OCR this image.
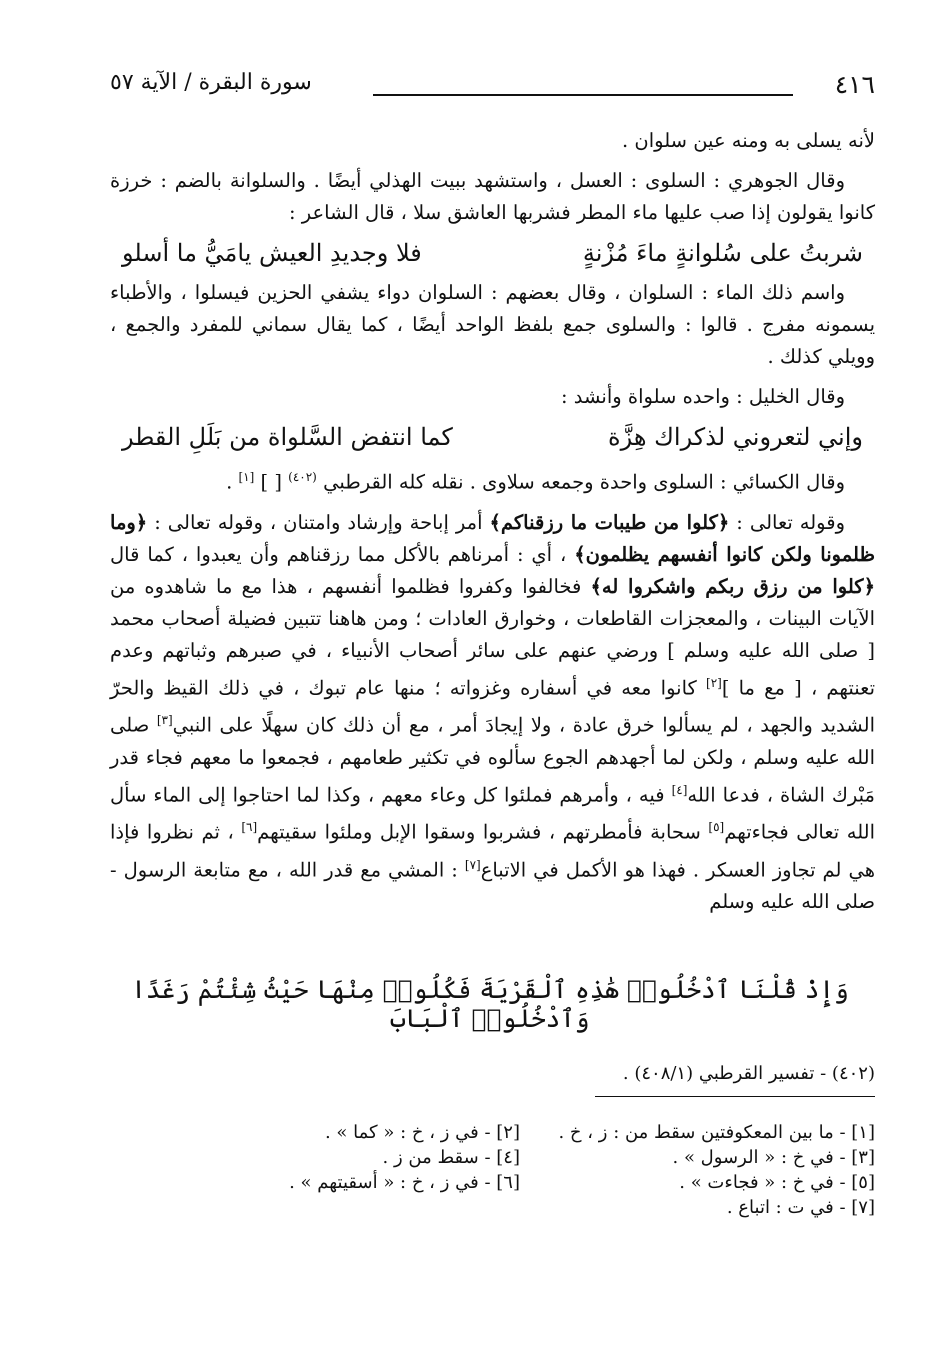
٤١٦
سورة البقرة / الآية ٥٧

لأنه يسلى به ومنه عين سلوان .

وقال الجوهري : السلوى : العسل ، واستشهد ببيت الهذلي أيضًا . والسلوانة بالضم : خرزة كانوا يقولون إذا صب عليها ماء المطر فشربها العاشق سلا ، قال الشاعر :

شربتُ على سُلوانةٍ ماءَ مُزْنةٍ
فلا وجديدِ العيش يامَيُّ ما أسلو

واسم ذلك الماء : السلوان ، وقال بعضهم : السلوان دواء يشفي الحزين فيسلوا ، والأطباء يسمونه مفرج . قالوا : والسلوى جمع بلفظ الواحد أيضًا ، كما يقال سماني للمفرد والجمع ، وويلي كذلك .

وقال الخليل : واحده سلواة وأنشد :

وإني لتعروني لذكراك هِزَّة
كما انتفض السَّلواة من بَلَلِ القطر

وقال الكسائي : السلوى واحدة وجمعه سلاوى . نقله كله القرطبي $^{(٤٠٢)}$ [ ] [١] .

وقوله تعالى : ﴿كلوا من طيبات ما رزقناكم﴾ أمر إباحة وإرشاد وامتنان ، وقوله تعالى : ﴿وما ظلمونا ولكن كانوا أنفسهم يظلمون﴾ ، أي : أمرناهم بالأكل مما رزقناهم وأن يعبدوا ، كما قال ﴿كلوا من رزق ربكم واشكروا له﴾ فخالفوا وكفروا فظلموا أنفسهم ، هذا مع ما شاهدوه من الآيات البينات ، والمعجزات القاطعات ، وخوارق العادات ؛ ومن هاهنا تتبين فضيلة أصحاب محمد [ صلى الله عليه وسلم ] ورضي عنهم على سائر أصحاب الأنبياء ، في صبرهم وثباتهم وعدم تعنتهم ، [ مع ما ][٢] كانوا معه في أسفاره وغزواته ؛ منها عام تبوك ، في ذلك القيظ والحرّ الشديد والجهد ، لم يسألوا خرق عادة ، ولا إيجادَ أمر ، مع أن ذلك كان سهلًا على النبي[٣] صلى الله عليه وسلم ، ولكن لما أجهدهم الجوع سألوه في تكثير طعامهم ، فجمعوا ما معهم فجاء قدر مَبْرك الشاة ، فدعا الله[٤] فيه ، وأمرهم فملئوا كل وعاء معهم ، وكذا لما احتاجوا إلى الماء سأل الله تعالى فجاءتهم[٥] سحابة فأمطرتهم ، فشربوا وسقوا الإبل وملئوا سقيتهم[٦] ، ثم نظروا فإذا هي لم تجاوز العسكر . فهذا هو الأكمل في الاتباع[٧] : المشي مع قدر الله ، مع متابعة الرسول - صلى الله عليه وسلم

وَإِذْ قُلْنَا ٱدْخُلُوا۟ هَٰذِهِ ٱلْقَرْيَةَ فَكُلُوا۟ مِنْهَا حَيْثُ شِئْتُمْ رَغَدًا وَٱدْخُلُوا۟ ٱلْبَابَ
(٤٠٢) - تفسير القرطبي (٤٠٨/١) .
[١] - ما بين المعكوفتين سقط من : ز ، خ .
[٢] - في ز ، خ : « كما » .
[٣] - في خ : « الرسول » .
[٤] - سقط من ز .
[٥] - في خ : « فجاءت » .
[٦] - في ز ، خ : « أسقيتهم » .
[٧] - في ت : اتباع .
